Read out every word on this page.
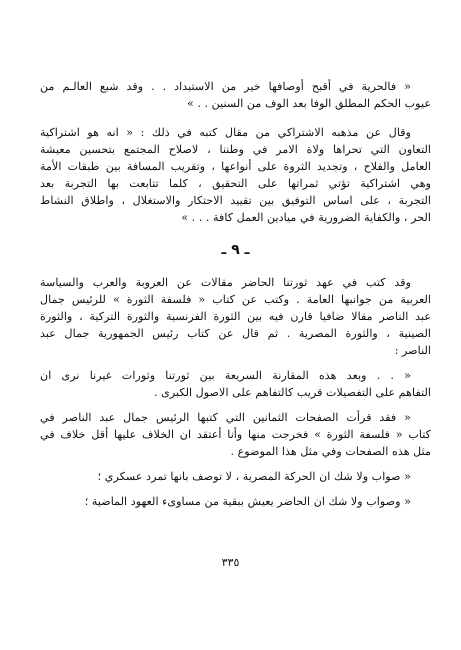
« فالحرية في أقبح أوصافها خير من الاستبداد . . وقد شبع العالـم من
عيوب الحكم المطلق الوفا بعد الوف من السنين . . »
وقال عن مذهبه الاشتراكي من مقال كتبه في ذلك : « انه هو اشتراكية
التعاون التي تحراها ولاة الامر في وطننا ، لاصلاح المجتمع بتحسين معيشة
العامل والفلاح ، وتجديد الثروة على أنواعها ، وتقريب المسافة بين طبقات الأمة
وهي اشتراكية تؤتي ثمراتها على التحقيق ، كلما تتابعت بها التجربة بعد
التجربة ، على اساس التوفيق بين تقييد الاحتكار والاستغلال ، واطلاق النشاط
الحر ، والكفاية الضرورية في ميادين العمل كافة . . . »
ـ ٩ ـ
وقد كتب في عهد ثورتنا الحاضر مقالات عن العروبة والعرب والسياسة
العربية من جوانبها العامة . وكتب عن كتاب « فلسفة الثورة » للرئيس جمال
عبد الناصر مقالا ضافيا قارن فيه بين الثورة الفرنسية والثورة التركية ، والثورة
الصينية ، والثورة المصرية . ثم قال عن كتاب رئيس الجمهورية جمال عبد
الناصر :
« . . وبعد هذه المقارنة السريعة بين ثورتنا وثورات غيرنا نرى ان
التفاهم على التفصيلات قريب كالتفاهم على الاصول الكبرى .
« فقد قرأت الصفحات الثمانين التي كتبها الرئيس جمال عبد الناصر في
كتاب « فلسفة الثورة » فخرجت منها وأنا أعتقد ان الخلاف عليها أقل خلاف في
مثل هذه الصفحات وفي مثل هذا الموضوع .
« صواب ولا شك ان الحركة المصرية ، لا توصف بانها تمرد عسكري ؛
« وصواب ولا شك ان الحاضر يعيش ببقية من مساوىء العهود الماضية ؛
٣٣٥
